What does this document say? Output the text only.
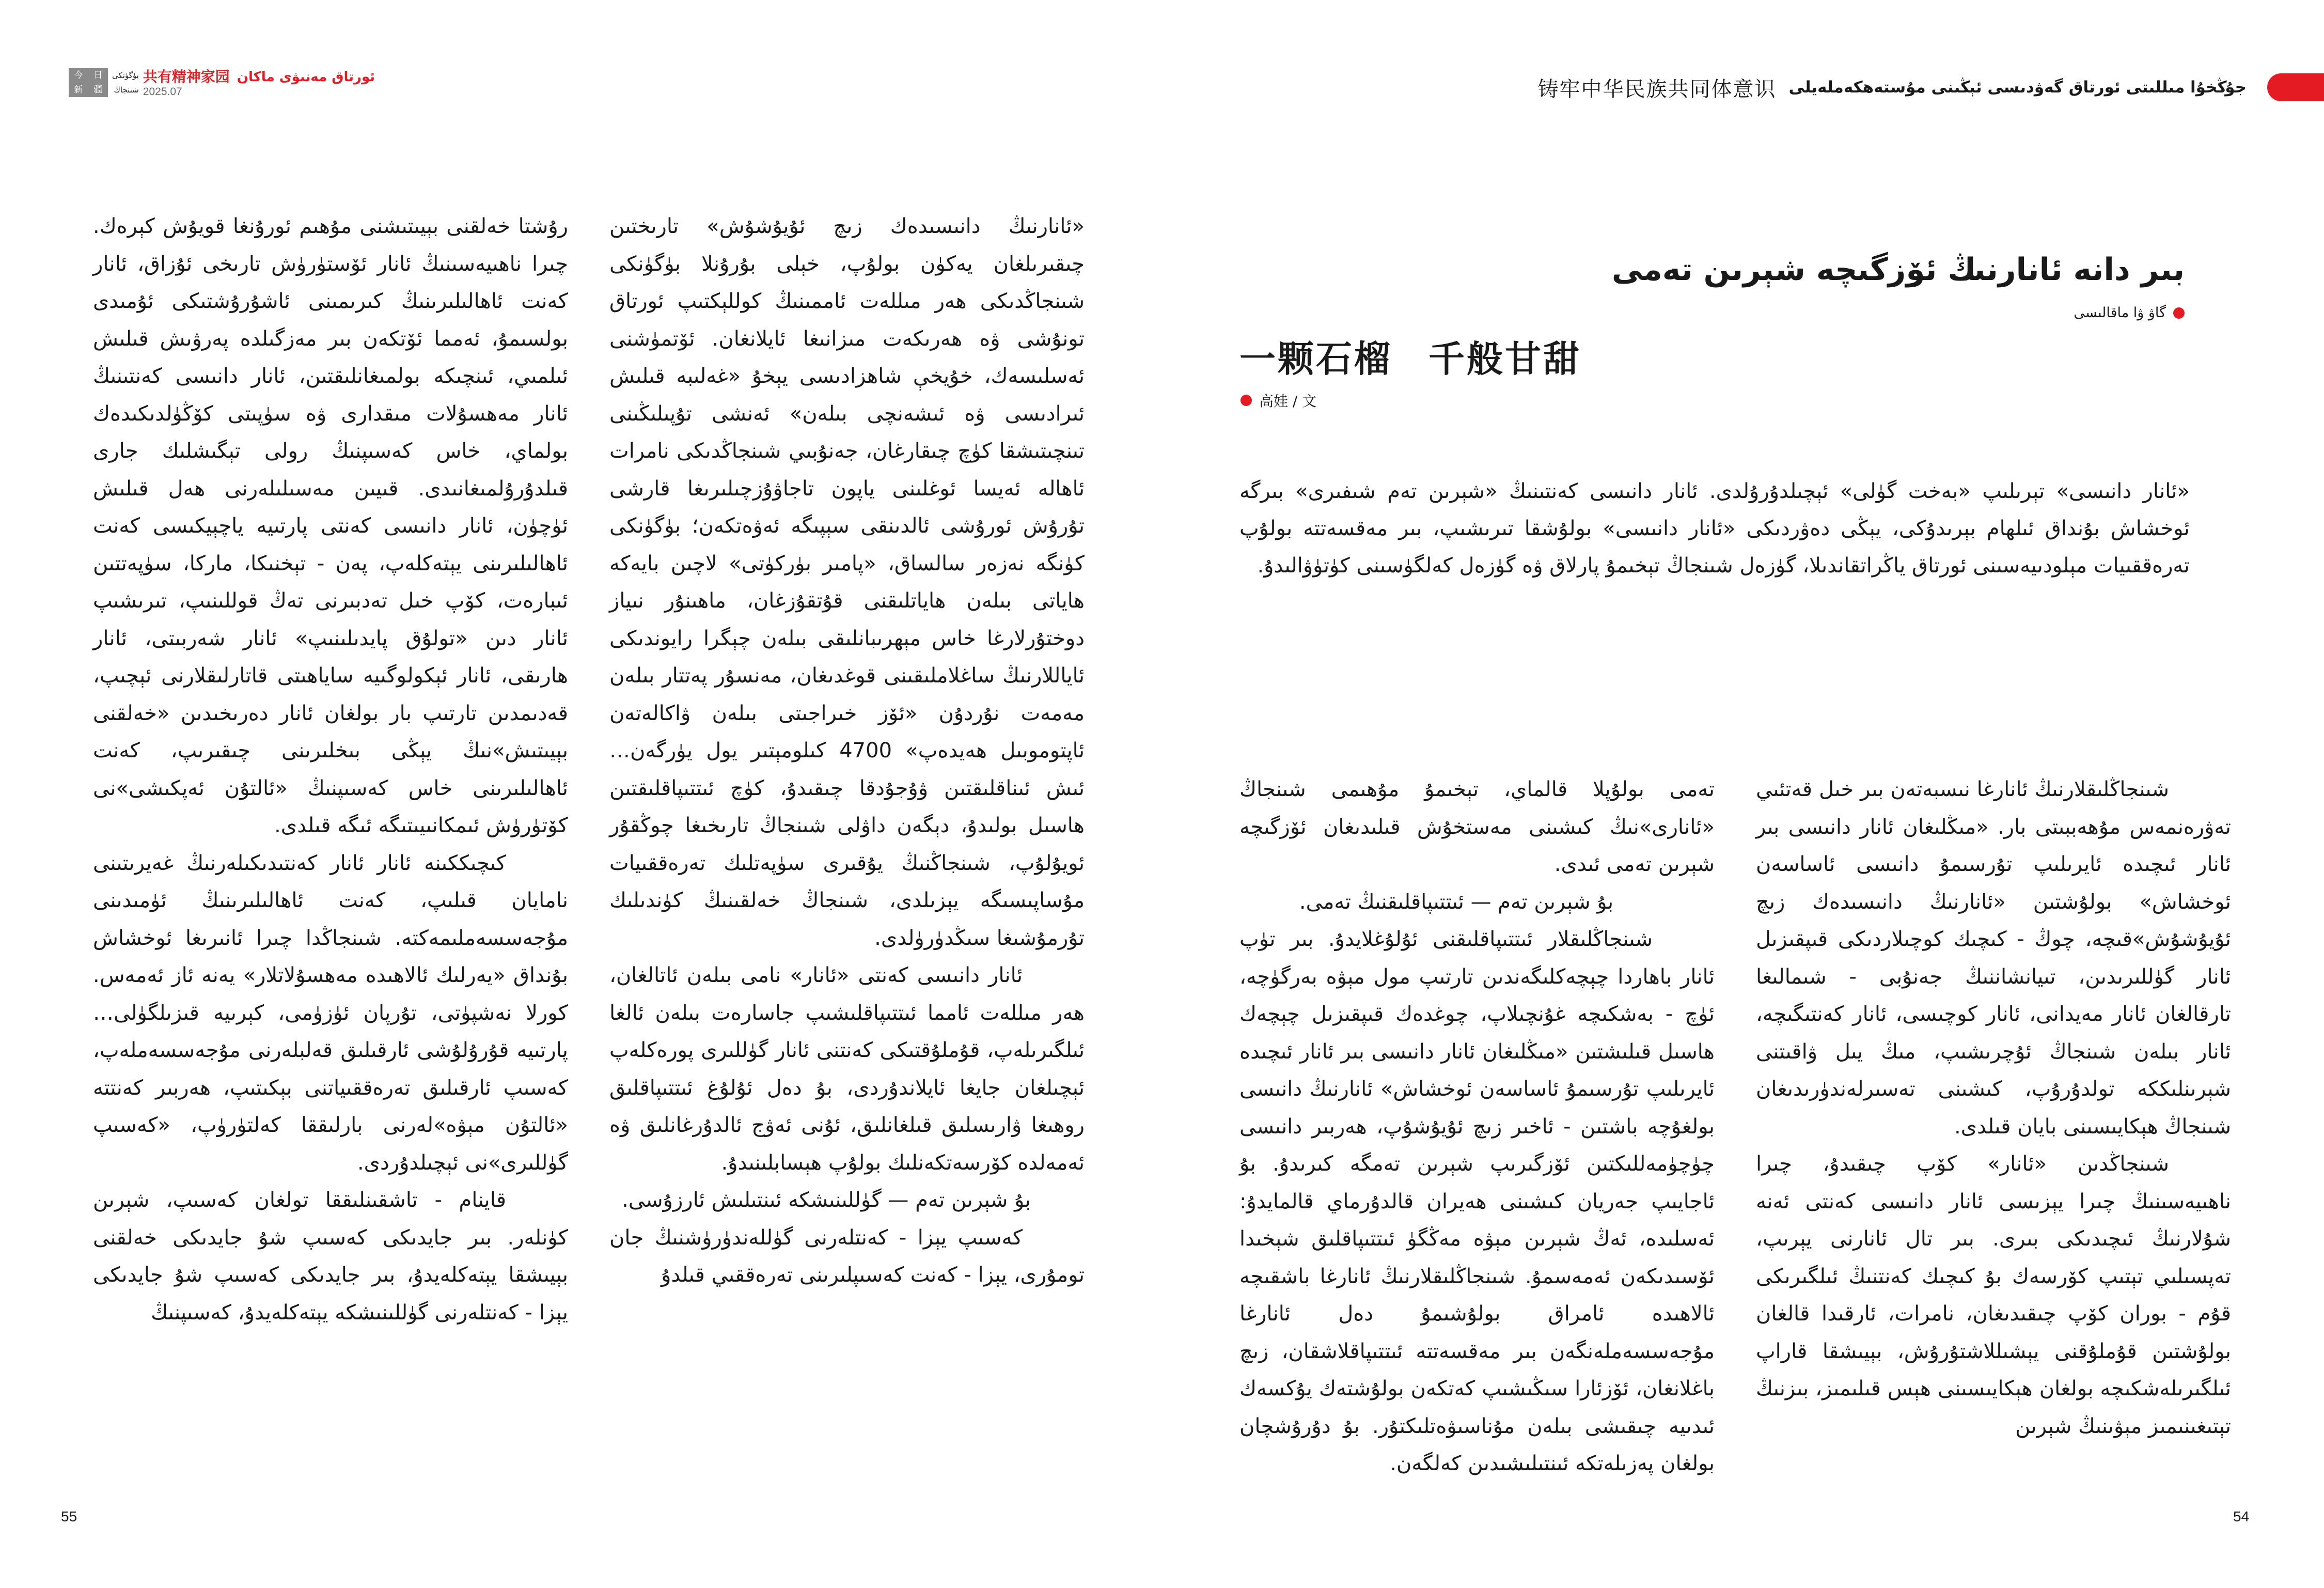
今	日
新	疆
بۈگۈنكى
شىنجاڭ
共有精神家园 ئورتاق مەنىۋى ماكان
2025.07	铸牢中华民族共同体意识 جۇڭخۇا مىللىتى ئورتاق گەۋدىسى ئېڭىنى مۇستەھكەملەيلى
بىر دانە ئانارنىڭ ئۆزگىچە شېرىن تەمى
گاۋ ۋا ماقالىسى
一颗石榴 千般甘甜
高娃 / 文
«ئانار دانىسى» تېرىلىپ «بەخت گۈلى» ئېچىلدۇرۇلدى. ئانار دانىسى كەنتىنىڭ «شېرىن تەم شىفىرى» بىرگە ئوخشاش بۇنداق ئىلھام بېرىدۇكى، يېڭى دەۋردىكى «ئانار دانىسى» بولۇشقا تىرىشىپ، بىر مەقسەتتە بولۇپ تەرەققىيات مېلودىيەسىنى ئورتاق ياڭراتقاندىلا، گۈزەل شىنجاڭ تېخىمۇ پارلاق ۋە گۈزەل كەلگۈسىنى كۈتۈۋالىدۇ.

شىنجاڭلىقلارنىڭ ئانارغا نىسبەتەن بىر خىل قەتئىي تەۋرەنمەس مۇھەببىتى بار. «مىڭلىغان ئانار دانىسى بىر ئانار ئىچىدە ئايرىلىپ تۇرسىمۇ دانىسى ئاساسەن ئوخشاش» بولۇشتىن «ئانارنىڭ دانىسىدەك زىچ ئۇيۇشۇش»قىچە، چوڭ - كىچىك كوچىلاردىكى قىپقىزىل ئانار گۈللىرىدىن، تىيانشاننىڭ جەنۇبى - شىمالىغا تارقالغان ئانار مەيدانى، ئانار كوچىسى، ئانار كەنتىگىچە، ئانار بىلەن شىنجاڭ ئۇچرىشىپ، مىڭ يىل ۋاقىتنى شېرىنلىككە تولدۇرۇپ، كىشىنى تەسىرلەندۈرىدىغان شىنجاڭ ھېكايىسىنى بايان قىلدى.

شىنجاڭدىن «ئانار» كۆپ چىقىدۇ، چىرا ناھىيەسىنىڭ چىرا يېزىسى ئانار دانىسى كەنتى ئەنە شۇلارنىڭ ئىچىدىكى بىرى. بىر تال ئانارنى يېرىپ، تەپسىلىي تېتىپ كۆرسەك بۇ كىچىك كەنتنىڭ ئىلگىرىكى قۇم - بوران كۆپ چىقىدىغان، نامرات، ئارقىدا قالغان بولۇشتىن قۇملۇقنى يېشىللاشتۇرۇش، بېيىشقا قاراپ ئىلگىرىلەشكىچە بولغان ھېكايىسىنى ھېس قىلىمىز، بىزنىڭ تېتىغىنىمىز مېۋىنىڭ شېرىن

تەمى بولۇپلا قالماي، تېخىمۇ مۇھىمى شىنجاڭ «ئانارى»نىڭ كىشىنى مەستخۇش قىلىدىغان ئۆزگىچە شېرىن تەمى ئىدى.

بۇ شېرىن تەم — ئىتتىپاقلىقنىڭ تەمى.

شىنجاڭلىقلار ئىتتىپاقلىقنى ئۇلۇغلايدۇ. بىر تۈپ ئانار باھاردا چېچەكلىگەندىن تارتىپ مول مېۋە بەرگۈچە، ئۈچ - بەشكىچە غۇنچىلاپ، چوغدەك قىپقىزىل چېچەك ھاسىل قىلىشتىن «مىڭلىغان ئانار دانىسى بىر ئانار ئىچىدە ئايرىلىپ تۇرسىمۇ ئاساسەن ئوخشاش» ئانارنىڭ دانىسى بولغۇچە باشتىن - ئاخىر زىچ ئۇيۇشۇپ، ھەربىر دانىسى چۈچۈمەللىكتىن ئۆزگىرىپ شېرىن تەمگە كىرىدۇ. بۇ ئاجايىپ جەريان كىشىنى ھەيران قالدۇرماي قالمايدۇ: ئەسلىدە، ئەڭ شېرىن مېۋە مەڭگۈ ئىتتىپاقلىق شېخىدا ئۆسىدىكەن ئەمەسمۇ. شىنجاڭلىقلارنىڭ ئانارغا باشقىچە ئالاھىدە ئامراق بولۇشىمۇ دەل ئانارغا مۇجەسسەملەنگەن بىر مەقسەتتە ئىتتىپاقلاشقان، زىچ باغلانغان، ئۆزئارا سىڭىشىپ كەتكەن بولۇشتەك يۇكسەك ئىدىيە چىقىشى بىلەن مۇناسىۋەتلىكتۇر. بۇ دۇرۇشچان بولغان پەزىلەتكە ئىنتىلىشىدىن كەلگەن.

«ئانارنىڭ دانىسىدەك زىچ ئۇيۇشۇش» تارىختىن چىقىرىلغان يەكۈن بولۇپ، خېلى بۇرۇنلا بۈگۈنكى شىنجاڭدىكى ھەر مىللەت ئاممىنىڭ كوللېكتىپ ئورتاق تونۇشى ۋە ھەرىكەت مىزانىغا ئايلانغان. ئۆتمۈشنى ئەسلىسەك، خۇيخې شاھزادىسى يېخۇ «غەلىبە قىلىش ئىرادىسى ۋە ئىشەنچى بىلەن» ئەنشى تۇپىلىڭىنى تىنچىتىشقا كۈچ چىقارغان، جەنۇبىي شىنجاڭدىكى نامرات ئاھالە ئەيسا ئوغلىنى ياپون تاجاۋۇزچىلىرىغا قارشى تۇرۇش ئورۇشى ئالدىنقى سېپىگە ئەۋەتكەن؛ بۈگۈنكى كۈنگە نەزەر سالساق، «پامىر بۈركۈتى» لاچىن بايەكە ھاياتى بىلەن ھاياتلىقنى قۇتقۇزغان، ماھىنۇر نىياز دوختۇرلارغا خاس مېھرىبانلىقى بىلەن چېگرا رايوندىكى ئاياللارنىڭ ساغلاملىقىنى قوغدىغان، مەنسۇر پەتتار بىلەن مەمەت نۇردۇن «ئۆز خىراجىتى بىلەن ۋاكالەتەن ئاپتوموبىل ھەيدەپ» 4700 كىلومېتىر يول يۈرگەن… ئىش ئىناقلىقتىن ۋۇجۇدقا چىقىدۇ، كۈچ ئىتتىپاقلىقتىن ھاسىل بولىدۇ، دېگەن داۋلى شىنجاڭ تارىخىغا چوڭقۇر ئويۇلۇپ، شىنجاڭنىڭ يۇقىرى سۈپەتلىك تەرەققىيات مۇساپىسىگە يېزىلدى، شىنجاڭ خەلقىنىڭ كۈندىلىك تۇرمۇشىغا سىڭدۈرۈلدى.

ئانار دانىسى كەنتى «ئانار» نامى بىلەن ئاتالغان، ھەر مىللەت ئامما ئىتتىپاقلىشىپ جاسارەت بىلەن ئالغا ئىلگىرىلەپ، قۇملۇقتىكى كەنتنى ئانار گۈللىرى پورەكلەپ ئېچىلغان جايغا ئايلاندۇردى، بۇ دەل ئۇلۇغ ئىتتىپاقلىق روھىغا ۋارىسلىق قىلغانلىق، ئۇنى ئەۋج ئالدۇرغانلىق ۋە ئەمەلدە كۆرسەتكەنلىك بولۇپ ھېسابلىنىدۇ.

بۇ شېرىن تەم — گۈللىنىشكە ئىنتىلىش ئارزۇسى.

كەسىپ يېزا - كەنتلەرنى گۈللەندۈرۈشنىڭ جان تومۇرى، يېزا - كەنت كەسىپلىرىنى تەرەققىي قىلدۇ

رۇشتا خەلقنى بېيىتىشنى مۇھىم ئورۇنغا قويۇش كېرەك. چىرا ناھىيەسىنىڭ ئانار ئۆستۈرۈش تارىخى ئۇزاق، ئانار كەنت ئاھالىلىرىنىڭ كىرىمىنى ئاشۇرۇشتىكى ئۇمىدى بولسىمۇ، ئەمما ئۆتكەن بىر مەزگىلدە پەرۋىش قىلىش ئىلمىي، ئىنچىكە بولمىغانلىقتىن، ئانار دانىسى كەنتىنىڭ ئانار مەھسۇلات مىقدارى ۋە سۈپىتى كۆڭۈلدىكىدەك بولماي، خاس كەسىپنىڭ رولى تېگىشلىك جارى قىلدۇرۇلمىغانىدى. قىيىن مەسىلىلەرنى ھەل قىلىش ئۈچۈن، ئانار دانىسى كەنتى پارتىيە ياچېيكىسى كەنت ئاھالىلىرىنى يېتەكلەپ، پەن - تېخنىكا، ماركا، سۈپەتتىن ئىبارەت، كۆپ خىل تەدبىرنى تەڭ قوللىنىپ، تىرىشىپ ئانار دىن «تولۇق پايدىلىنىپ» ئانار شەربىتى، ئانار ھارىقى، ئانار ئېكولوگىيە ساياھىتى قاتارلىقلارنى ئېچىپ، قەدىمدىن تارتىپ بار بولغان ئانار دەرىخىدىن «خەلقنى بېيىتىش»نىڭ يېڭى بىخلىرىنى چىقىرىپ، كەنت ئاھالىلىرىنى خاس كەسىپنىڭ «ئالتۇن ئەپكىشى»نى كۆتۈرۈش ئىمكانىيىتىگە ئىگە قىلدى.

كىچىككىنە ئانار ئانار كەنتىدىكىلەرنىڭ غەيرىتىنى نامايان قىلىپ، كەنت ئاھالىلىرىنىڭ ئۈمىدىنى مۇجەسسەملىمەكتە. شىنجاڭدا چىرا ئانىرىغا ئوخشاش بۇنداق «يەرلىك ئالاھىدە مەھسۇلاتلار» يەنە ئاز ئەمەس. كورلا نەشپۈتى، تۇرپان ئۈزۈمى، كېرىيە قىزىلگۈلى… پارتىيە قۇرۇلۇشى ئارقىلىق قەلبلەرنى مۇجەسسەملەپ، كەسىپ ئارقىلىق تەرەققىياتنى بېكىتىپ، ھەربىر كەنتتە «ئالتۇن مېۋە»لەرنى بارلىققا كەلتۈرۈپ، «كەسىپ گۈللىرى»نى ئېچىلدۇردى.

قاينام - تاشقىنلىققا تولغان كەسىپ، شېرىن كۈنلەر. بىر جايدىكى كەسىپ شۇ جايدىكى خەلقنى بېيىشقا يېتەكلەيدۇ، بىر جايدىكى كەسىپ شۇ جايدىكى يېزا - كەنتلەرنى گۈللىنىشكە يېتەكلەيدۇ، كەسىپنىڭ

55	54
